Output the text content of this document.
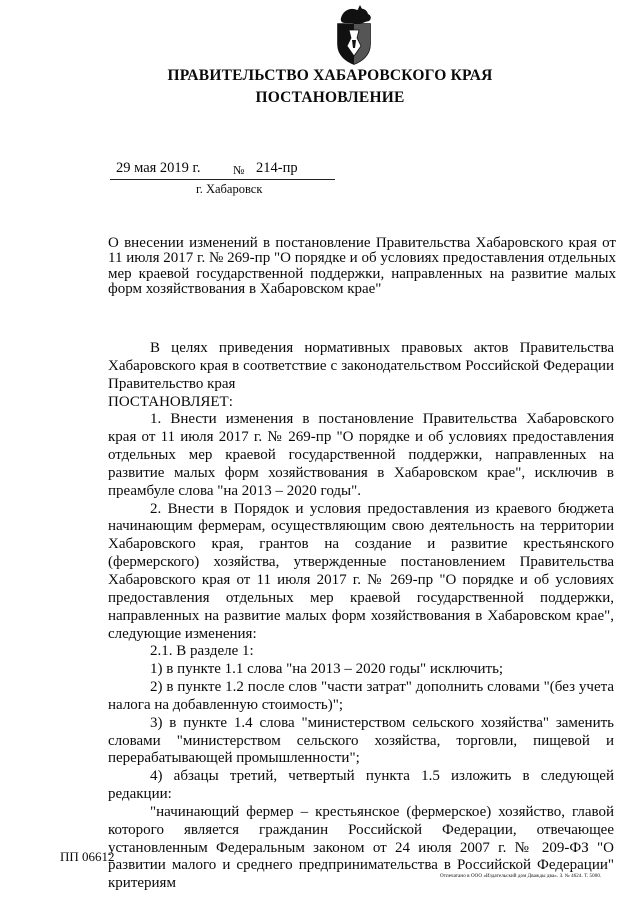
ПРАВИТЕЛЬСТВО ХАБАРОВСКОГО КРАЯ
ПОСТАНОВЛЕНИЕ
29 мая 2019 г.	№ 214-пр
г. Хабаровск
О внесении изменений в постановление Правительства Хабаровского края от 11 июля 2017 г. № 269-пр "О порядке и об условиях предоставления отдельных мер краевой государственной поддержки, направленных на развитие малых форм хозяйствования в Хабаровском крае"

В целях приведения нормативных правовых актов Правительства Хабаровского края в соответствие с законодательством Российской Федерации Правительство края

ПОСТАНОВЛЯЕТ:

1. Внести изменения в постановление Правительства Хабаровского края от 11 июля 2017 г. № 269-пр "О порядке и об условиях предоставления отдельных мер краевой государственной поддержки, направленных на развитие малых форм хозяйствования в Хабаровском крае", исключив в преамбуле слова "на 2013 – 2020 годы".

2. Внести в Порядок и условия предоставления из краевого бюджета начинающим фермерам, осуществляющим свою деятельность на территории Хабаровского края, грантов на создание и развитие крестьянского (фермерского) хозяйства, утвержденные постановлением Правительства Хабаровского края от 11 июля 2017 г. № 269-пр "О порядке и об условиях предоставления отдельных мер краевой государственной поддержки, направленных на развитие малых форм хозяйствования в Хабаровском крае", следующие изменения:

2.1. В разделе 1:

1) в пункте 1.1 слова "на 2013 – 2020 годы" исключить;

2) в пункте 1.2 после слов "части затрат" дополнить словами "(без учета налога на добавленную стоимость)";

3) в пункте 1.4 слова "министерством сельского хозяйства" заменить словами "министерством сельского хозяйства, торговли, пищевой и перерабатывающей промышленности";

4) абзацы третий, четвертый пункта 1.5 изложить в следующей редакции:

"начинающий фермер – крестьянское (фермерское) хозяйство, главой которого является гражданин Российской Федерации, отвечающее установленным Федеральным законом от 24 июля 2007 г. № 209-ФЗ "О развитии малого и среднего предпринимательства в Российской Федерации" критериям

ПП 06612
Отпечатано в ООО «Издательский дом Дважды два». З. № 4624. Т. 5000.
